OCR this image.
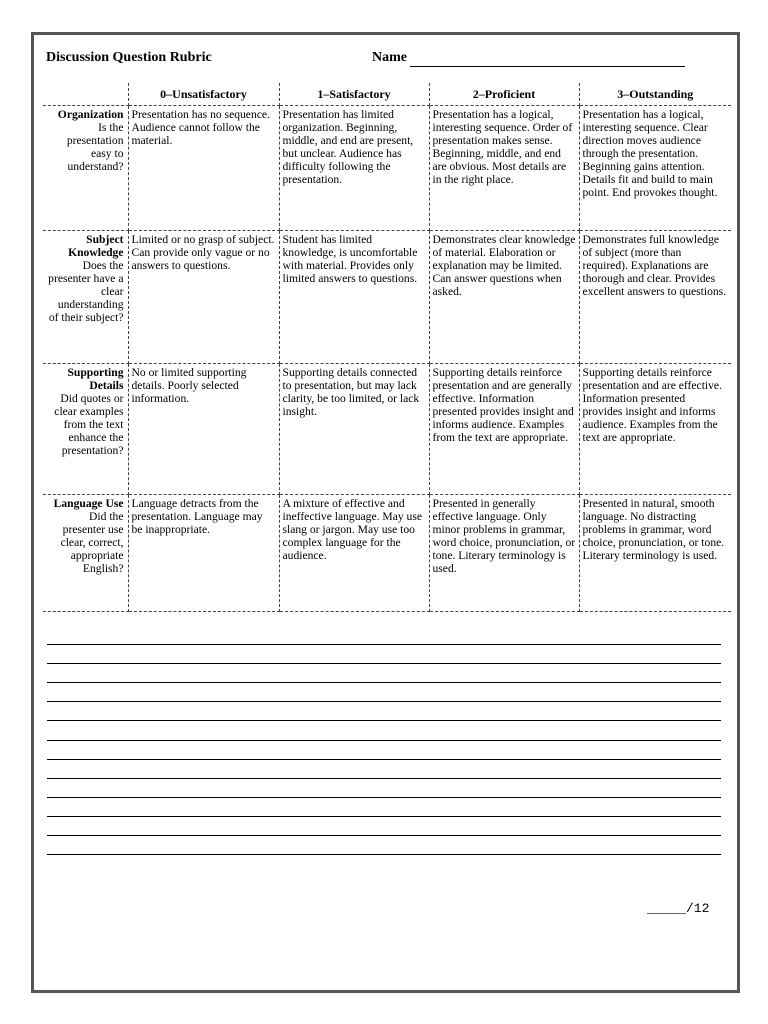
Discussion Question Rubric	Name
	0–Unsatisfactory	1–Satisfactory	2–Proficient	3–Outstanding

Organization
Is the presentation easy to understand?	Presentation has no sequence. Audience cannot follow the material.	Presentation has limited organization. Beginning, middle, and end are present, but unclear. Audience has difficulty following the presentation.	Presentation has a logical, interesting sequence. Order of presentation makes sense. Beginning, middle, and end are obvious. Most details are in the right place.	Presentation has a logical, interesting sequence. Clear direction moves audience through the presentation. Beginning gains attention. Details fit and build to main point. End provokes thought.

Subject Knowledge
Does the presenter have a clear understanding of their subject?	Limited or no grasp of subject. Can provide only vague or no answers to questions.	Student has limited knowledge, is uncomfortable with material. Provides only limited answers to questions.	Demonstrates clear knowledge of material. Elaboration or explanation may be limited. Can answer questions when asked.	Demonstrates full knowledge of subject (more than required). Explanations are thorough and clear. Provides excellent answers to questions.

Supporting Details
Did quotes or clear examples from the text enhance the presentation?	No or limited supporting details. Poorly selected information.	Supporting details connected to presentation, but may lack clarity, be too limited, or lack insight.	Supporting details reinforce presentation and are generally effective. Information presented provides insight and informs audience. Examples from the text are appropriate.	Supporting details reinforce presentation and are effective. Information presented provides insight and informs audience. Examples from the text are appropriate.

Language Use
Did the presenter use clear, correct, appropriate English?	Language detracts from the presentation. Language may be inappropriate.	A mixture of effective and ineffective language. May use slang or jargon. May use too complex language for the audience.	Presented in generally effective language. Only minor problems in grammar, word choice, pronunciation, or tone. Literary terminology is used.	Presented in natural, smooth language. No distracting problems in grammar, word choice, pronunciation, or tone. Literary terminology is used.
_____/12
